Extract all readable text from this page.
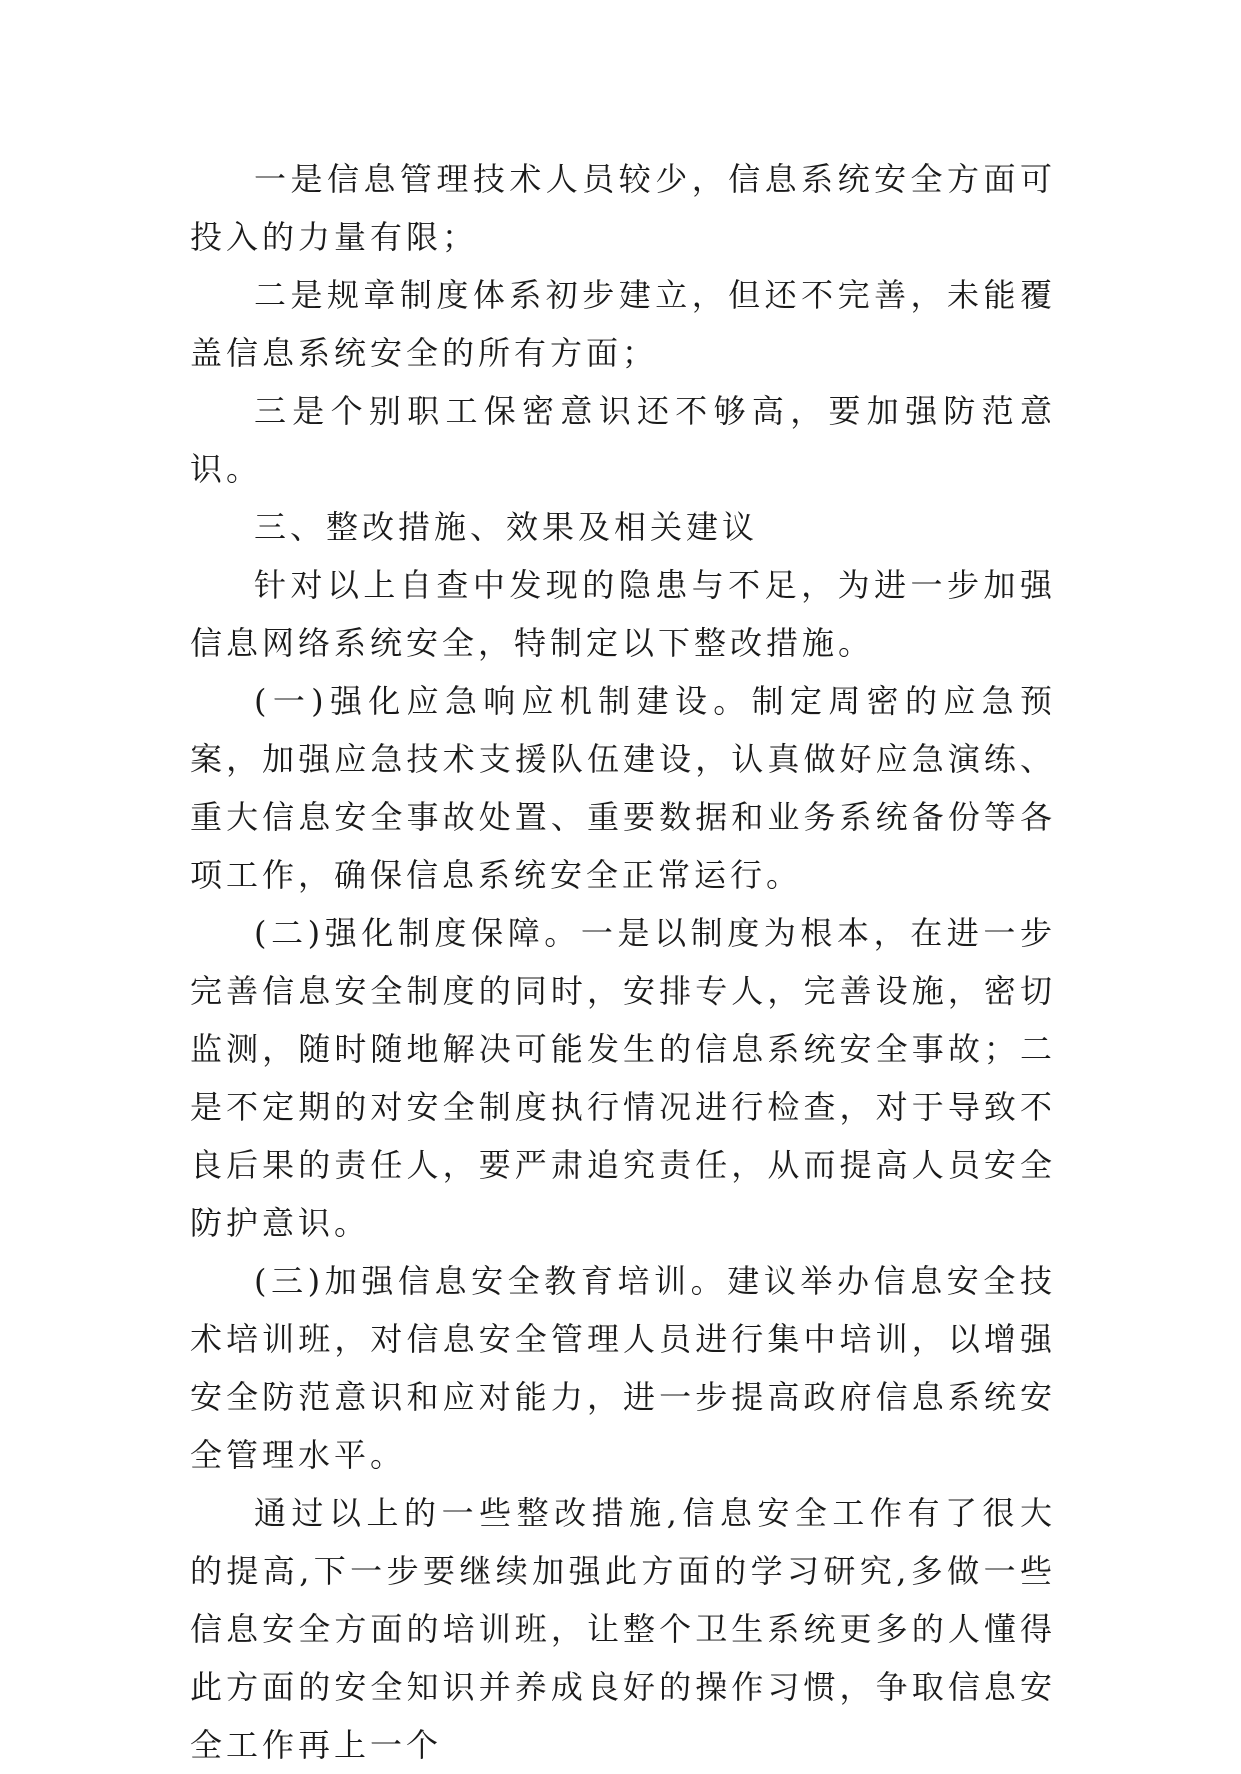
一是信息管理技术人员较少，信息系统安全方面可投入的力量有限；

二是规章制度体系初步建立，但还不完善，未能覆盖信息系统安全的所有方面；

三是个别职工保密意识还不够高，要加强防范意识。

三、整改措施、效果及相关建议

针对以上自查中发现的隐患与不足，为进一步加强信息网络系统安全，特制定以下整改措施。

(一)强化应急响应机制建设。制定周密的应急预案，加强应急技术支援队伍建设，认真做好应急演练、重大信息安全事故处置、重要数据和业务系统备份等各项工作，确保信息系统安全正常运行。

(二)强化制度保障。一是以制度为根本，在进一步完善信息安全制度的同时，安排专人，完善设施，密切监测，随时随地解决可能发生的信息系统安全事故；二是不定期的对安全制度执行情况进行检查，对于导致不良后果的责任人，要严肃追究责任，从而提高人员安全防护意识。

(三)加强信息安全教育培训。建议举办信息安全技术培训班，对信息安全管理人员进行集中培训，以增强安全防范意识和应对能力，进一步提高政府信息系统安全管理水平。

通过以上的一些整改措施,信息安全工作有了很大的提高,下一步要继续加强此方面的学习研究,多做一些信息安全方面的培训班，让整个卫生系统更多的人懂得此方面的安全知识并养成良好的操作习惯，争取信息安全工作再上一个
